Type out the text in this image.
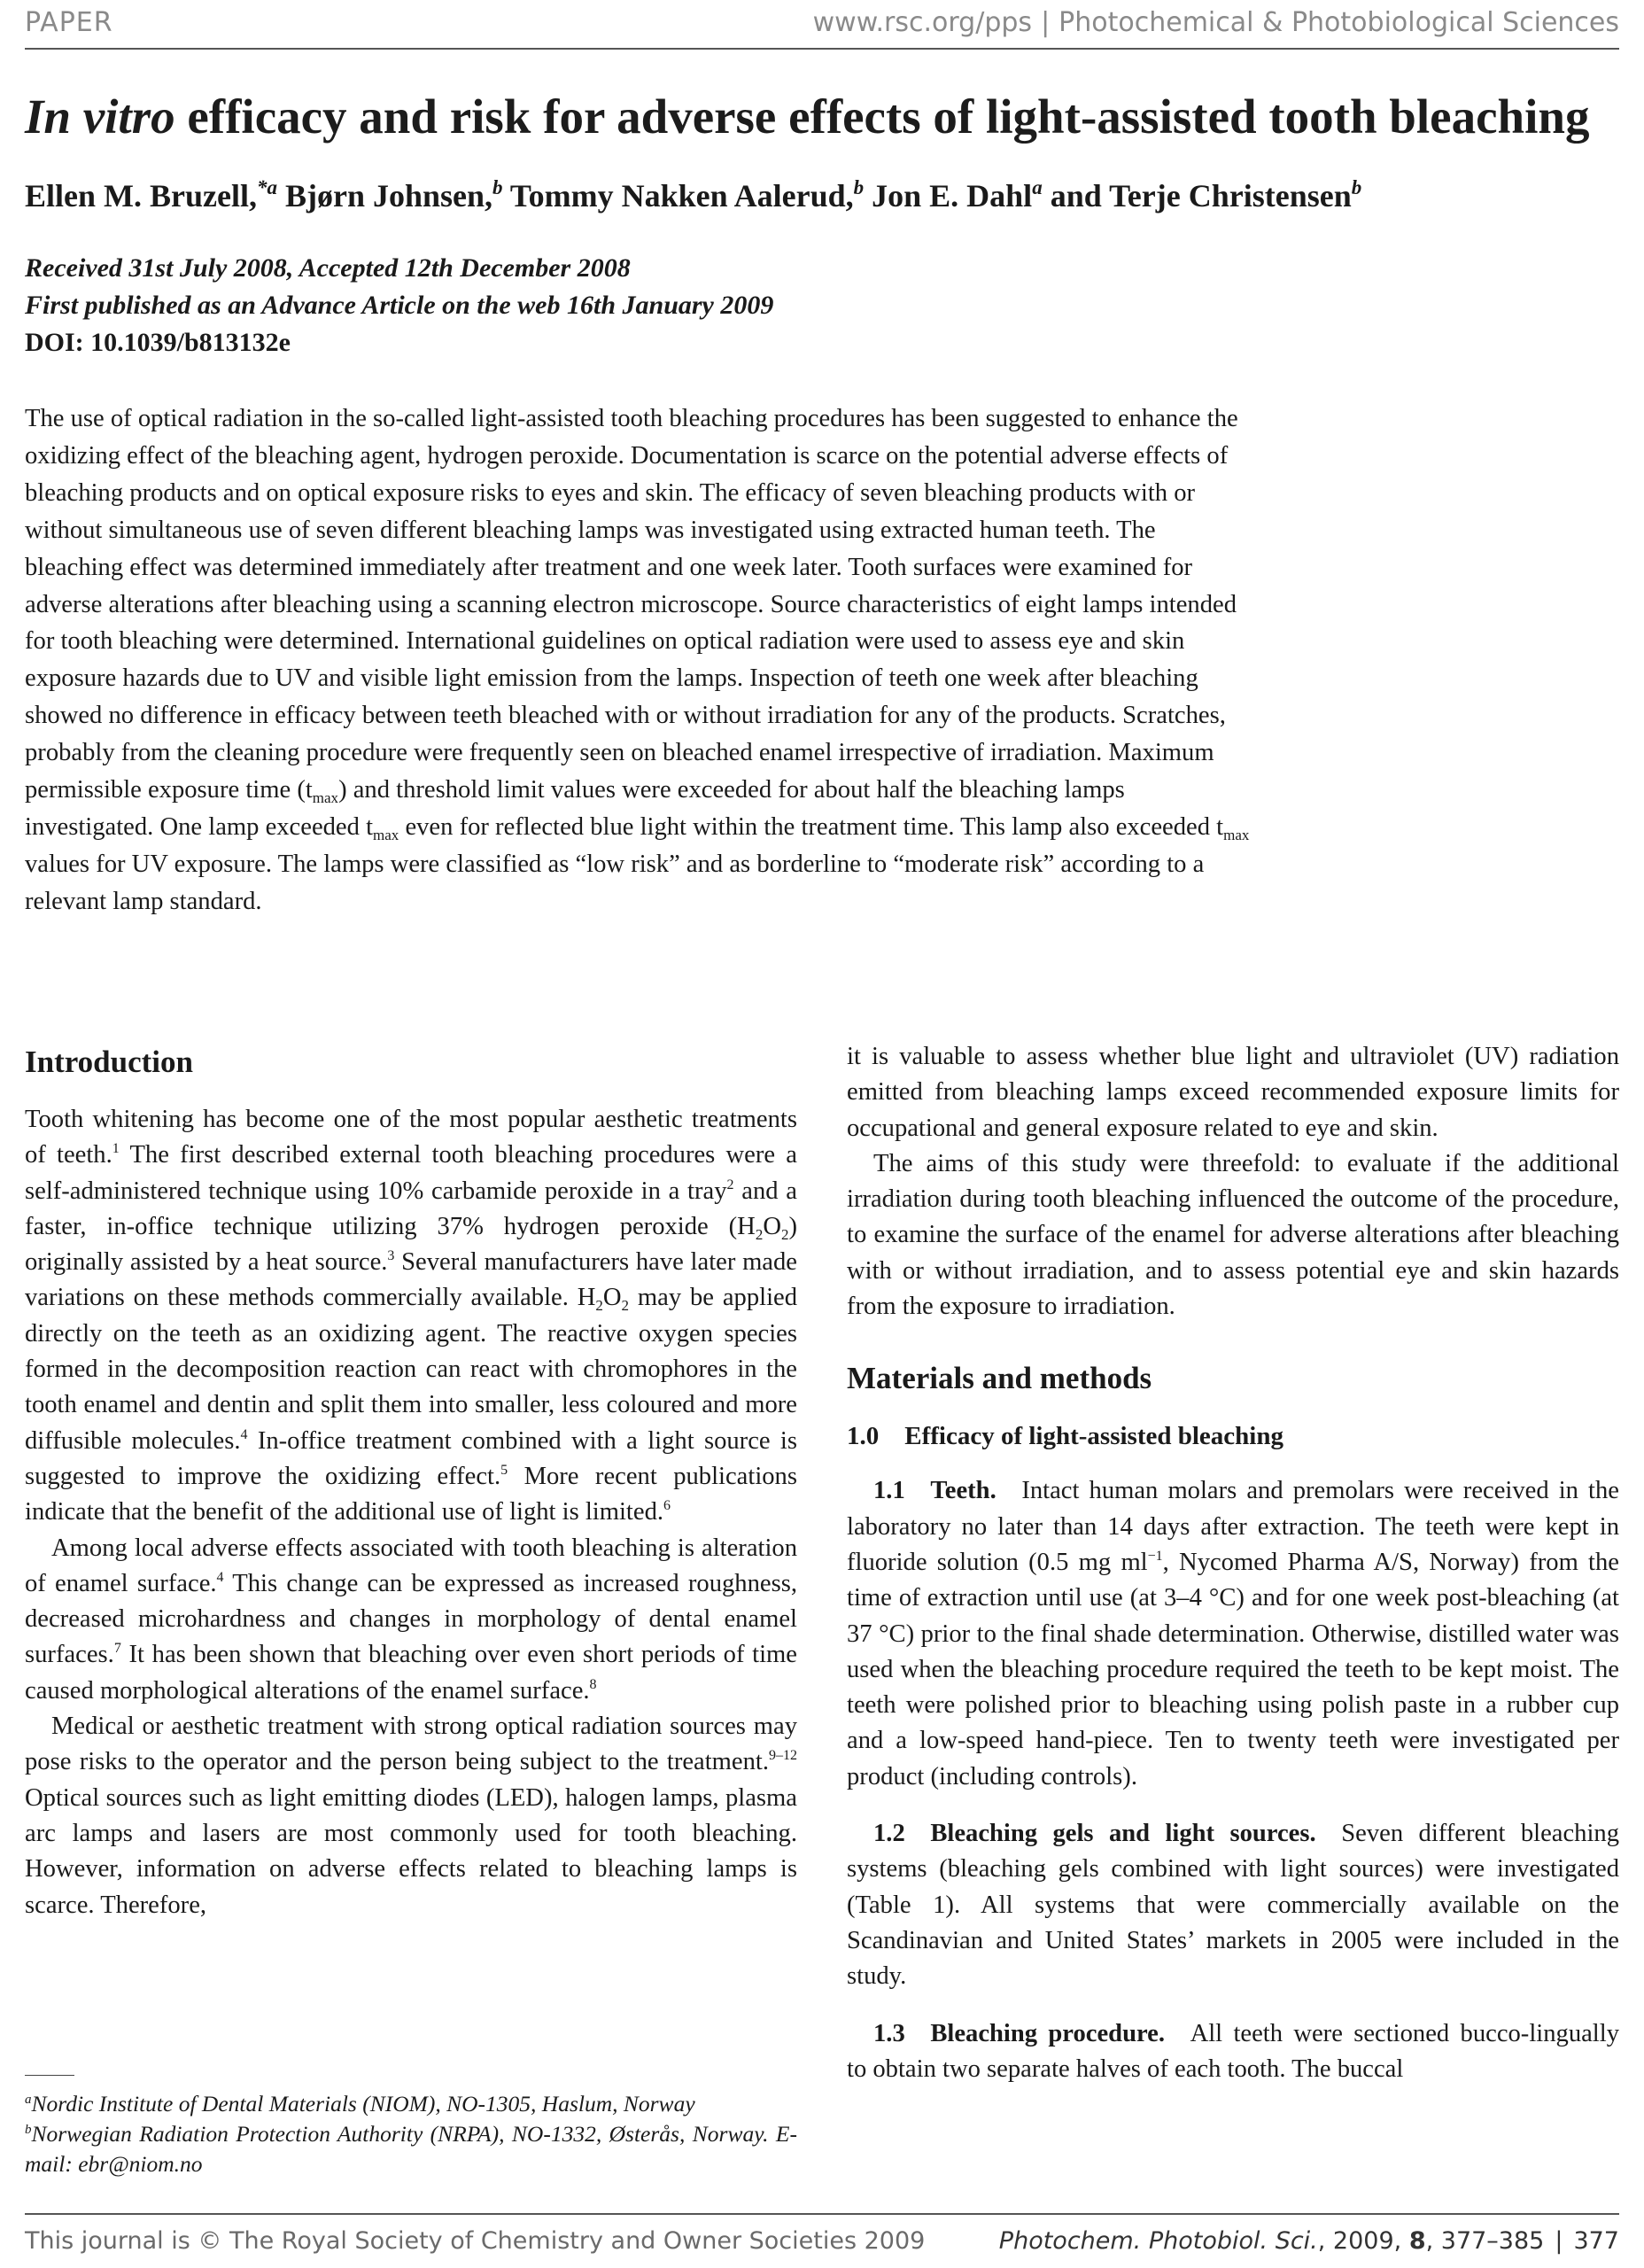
PAPER	www.rsc.org/pps | Photochemical & Photobiological Sciences
In vitro efficacy and risk for adverse effects of light-assisted tooth bleaching
Ellen M. Bruzell,$^{*a}$ Bjørn Johnsen,$^b$ Tommy Nakken Aalerud,$^b$ Jon E. Dahl$^a$ and Terje Christensen$^b$
Received 31st July 2008, Accepted 12th December 2008
First published as an Advance Article on the web 16th January 2009
DOI: 10.1039/b813132e

The use of optical radiation in the so-called light-assisted tooth bleaching procedures has been suggested to enhance the oxidizing effect of the bleaching agent, hydrogen peroxide. Documentation is scarce on the potential adverse effects of bleaching products and on optical exposure risks to eyes and skin. The efficacy of seven bleaching products with or without simultaneous use of seven different bleaching lamps was investigated using extracted human teeth. The bleaching effect was determined immediately after treatment and one week later. Tooth surfaces were examined for adverse alterations after bleaching using a scanning electron microscope. Source characteristics of eight lamps intended for tooth bleaching were determined. International guidelines on optical radiation were used to assess eye and skin exposure hazards due to UV and visible light emission from the lamps. Inspection of teeth one week after bleaching showed no difference in efficacy between teeth bleached with or without irradiation for any of the products. Scratches, probably from the cleaning procedure were frequently seen on bleached enamel irrespective of irradiation. Maximum permissible exposure time $(t_{max})$ and threshold limit values were exceeded for about half the bleaching lamps investigated. One lamp exceeded $t_{max}$ even for reflected blue light within the treatment time. This lamp also exceeded $t_{max}$ values for UV exposure. The lamps were classified as “low risk” and as borderline to “moderate risk” according to a relevant lamp standard.

Introduction

Tooth whitening has become one of the most popular aesthetic treatments of teeth.$^1$ The first described external tooth bleaching procedures were a self-administered technique using 10% carbamide peroxide in a tray$^2$ and a faster, in-office technique utilizing 37% hydrogen peroxide $(H_2O_2)$ originally assisted by a heat source.$^3$ Several manufacturers have later made variations on these methods commercially available. $H_2O_2$ may be applied directly on the teeth as an oxidizing agent. The reactive oxygen species formed in the decomposition reaction can react with chromophores in the tooth enamel and dentin and split them into smaller, less coloured and more diffusible molecules.$^4$ In-office treatment combined with a light source is suggested to improve the oxidizing effect.$^5$ More recent publications indicate that the benefit of the additional use of light is limited.$^6$

Among local adverse effects associated with tooth bleaching is alteration of enamel surface.$^4$ This change can be expressed as increased roughness, decreased microhardness and changes in morphology of dental enamel surfaces.$^7$ It has been shown that bleaching over even short periods of time caused morphological alterations of the enamel surface.$^8$

Medical or aesthetic treatment with strong optical radiation sources may pose risks to the operator and the person being subject to the treatment.$^{9-12}$ Optical sources such as light emitting diodes (LED), halogen lamps, plasma arc lamps and lasers are most commonly used for tooth bleaching. However, information on adverse effects related to bleaching lamps is scarce. Therefore,

it is valuable to assess whether blue light and ultraviolet (UV) radiation emitted from bleaching lamps exceed recommended exposure limits for occupational and general exposure related to eye and skin.

The aims of this study were threefold: to evaluate if the additional irradiation during tooth bleaching influenced the outcome of the procedure, to examine the surface of the enamel for adverse alterations after bleaching with or without irradiation, and to assess potential eye and skin hazards from the exposure to irradiation.

Materials and methods
1.0 Efficacy of light-assisted bleaching

1.1 Teeth. Intact human molars and premolars were received in the laboratory no later than 14 days after extraction. The teeth were kept in fluoride solution (0.5 mg $ml^{-1}$, Nycomed Pharma A/S, Norway) from the time of extraction until use (at 3–4 °C) and for one week post-bleaching (at 37 °C) prior to the final shade determination. Otherwise, distilled water was used when the bleaching procedure required the teeth to be kept moist. The teeth were polished prior to bleaching using polish paste in a rubber cup and a low-speed hand-piece. Ten to twenty teeth were investigated per product (including controls).

1.2 Bleaching gels and light sources. Seven different bleaching systems (bleaching gels combined with light sources) were investigated (Table 1). All systems that were commercially available on the Scandinavian and United States’ markets in 2005 were included in the study.

1.3 Bleaching procedure. All teeth were sectioned bucco-lingually to obtain two separate halves of each tooth. The buccal

$^a$Nordic Institute of Dental Materials (NIOM), NO-1305, Haslum, Norway
$^b$Norwegian Radiation Protection Authority (NRPA), NO-1332, Østerås, Norway. E-mail: ebr@niom.no
This journal is © The Royal Society of Chemistry and Owner Societies 2009	Photochem. Photobiol. Sci., 2009, 8, 377–385 | 377
